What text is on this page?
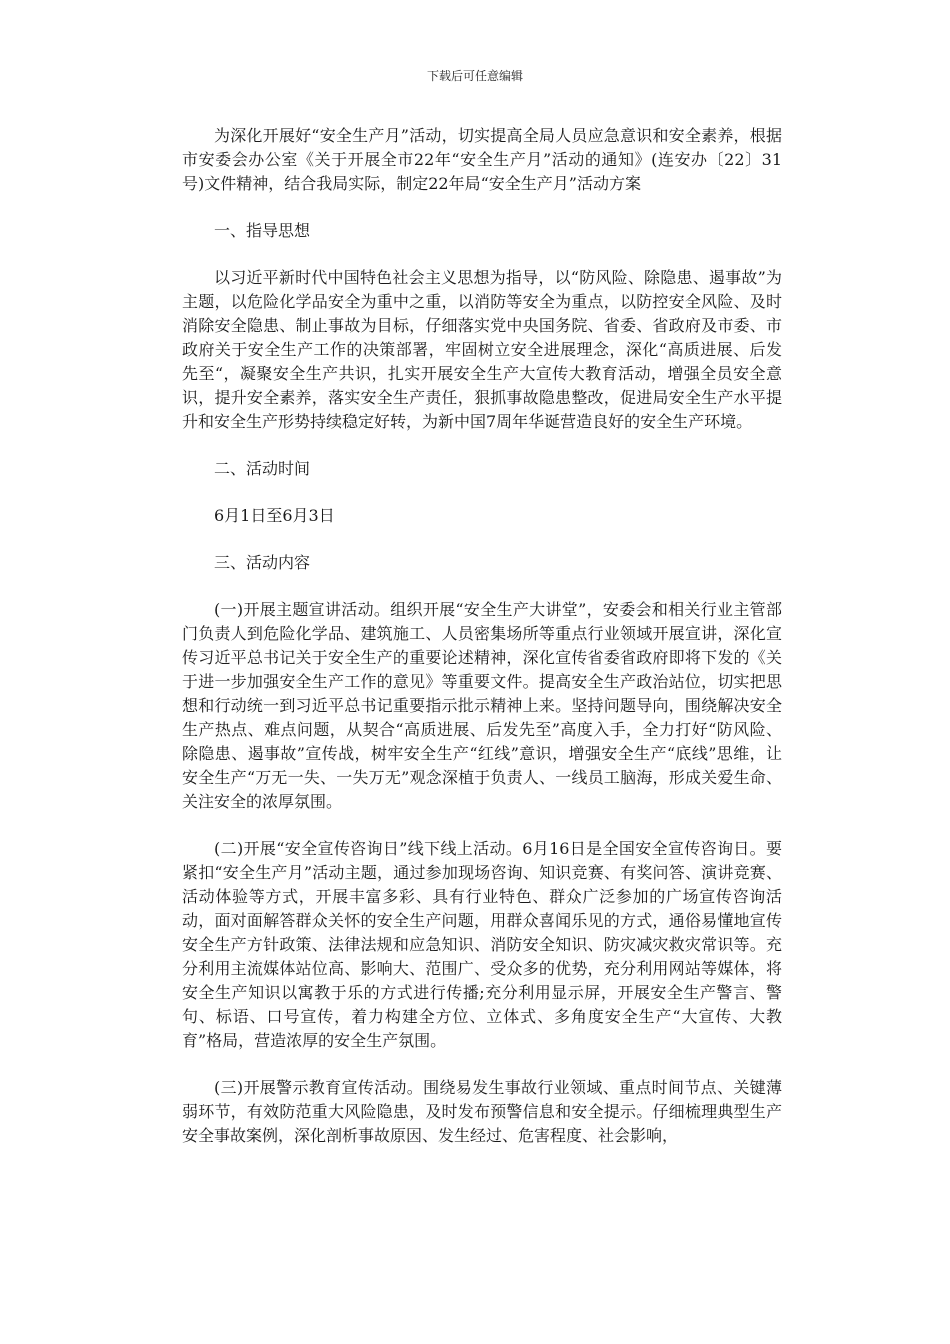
下载后可任意编辑

为深化开展好“安全生产月”活动，切实提高全局人员应急意识和安全素养，根据市安委会办公室《关于开展全市22年“安全生产月”活动的通知》(连安办〔22〕31号)文件精神，结合我局实际，制定22年局“安全生产月”活动方案

一、指导思想

以习近平新时代中国特色社会主义思想为指导，以“防风险、除隐患、遏事故”为主题，以危险化学品安全为重中之重，以消防等安全为重点，以防控安全风险、及时消除安全隐患、制止事故为目标，仔细落实党中央国务院、省委、省政府及市委、市政府关于安全生产工作的决策部署，牢固树立安全进展理念，深化“高质进展、后发先至“，凝聚安全生产共识，扎实开展安全生产大宣传大教育活动，增强全员安全意识，提升安全素养，落实安全生产责任，狠抓事故隐患整改，促进局安全生产水平提升和安全生产形势持续稳定好转，为新中国7周年华诞营造良好的安全生产环境。

二、活动时间

6月1日至6月3日

三、活动内容

(一)开展主题宣讲活动。组织开展“安全生产大讲堂”，安委会和相关行业主管部门负责人到危险化学品、建筑施工、人员密集场所等重点行业领域开展宣讲，深化宣传习近平总书记关于安全生产的重要论述精神，深化宣传省委省政府即将下发的《关于进一步加强安全生产工作的意见》等重要文件。提高安全生产政治站位，切实把思想和行动统一到习近平总书记重要指示批示精神上来。坚持问题导向，围绕解决安全生产热点、难点问题，从契合“高质进展、后发先至”高度入手，全力打好“防风险、除隐患、遏事故”宣传战，树牢安全生产“红线”意识，增强安全生产“底线”思维，让安全生产“万无一失、一失万无”观念深植于负责人、一线员工脑海，形成关爱生命、关注安全的浓厚氛围。

(二)开展“安全宣传咨询日”线下线上活动。6月16日是全国安全宣传咨询日。要紧扣“安全生产月”活动主题，通过参加现场咨询、知识竞赛、有奖问答、演讲竞赛、活动体验等方式，开展丰富多彩、具有行业特色、群众广泛参加的广场宣传咨询活动，面对面解答群众关怀的安全生产问题，用群众喜闻乐见的方式，通俗易懂地宣传安全生产方针政策、法律法规和应急知识、消防安全知识、防灾减灾救灾常识等。充分利用主流媒体站位高、影响大、范围广、受众多的优势，充分利用网站等媒体，将安全生产知识以寓教于乐的方式进行传播;充分利用显示屏，开展安全生产警言、警句、标语、口号宣传，着力构建全方位、立体式、多角度安全生产“大宣传、大教育”格局，营造浓厚的安全生产氛围。

(三)开展警示教育宣传活动。围绕易发生事故行业领域、重点时间节点、关键薄弱环节，有效防范重大风险隐患，及时发布预警信息和安全提示。仔细梳理典型生产安全事故案例，深化剖析事故原因、发生经过、危害程度、社会影响，
